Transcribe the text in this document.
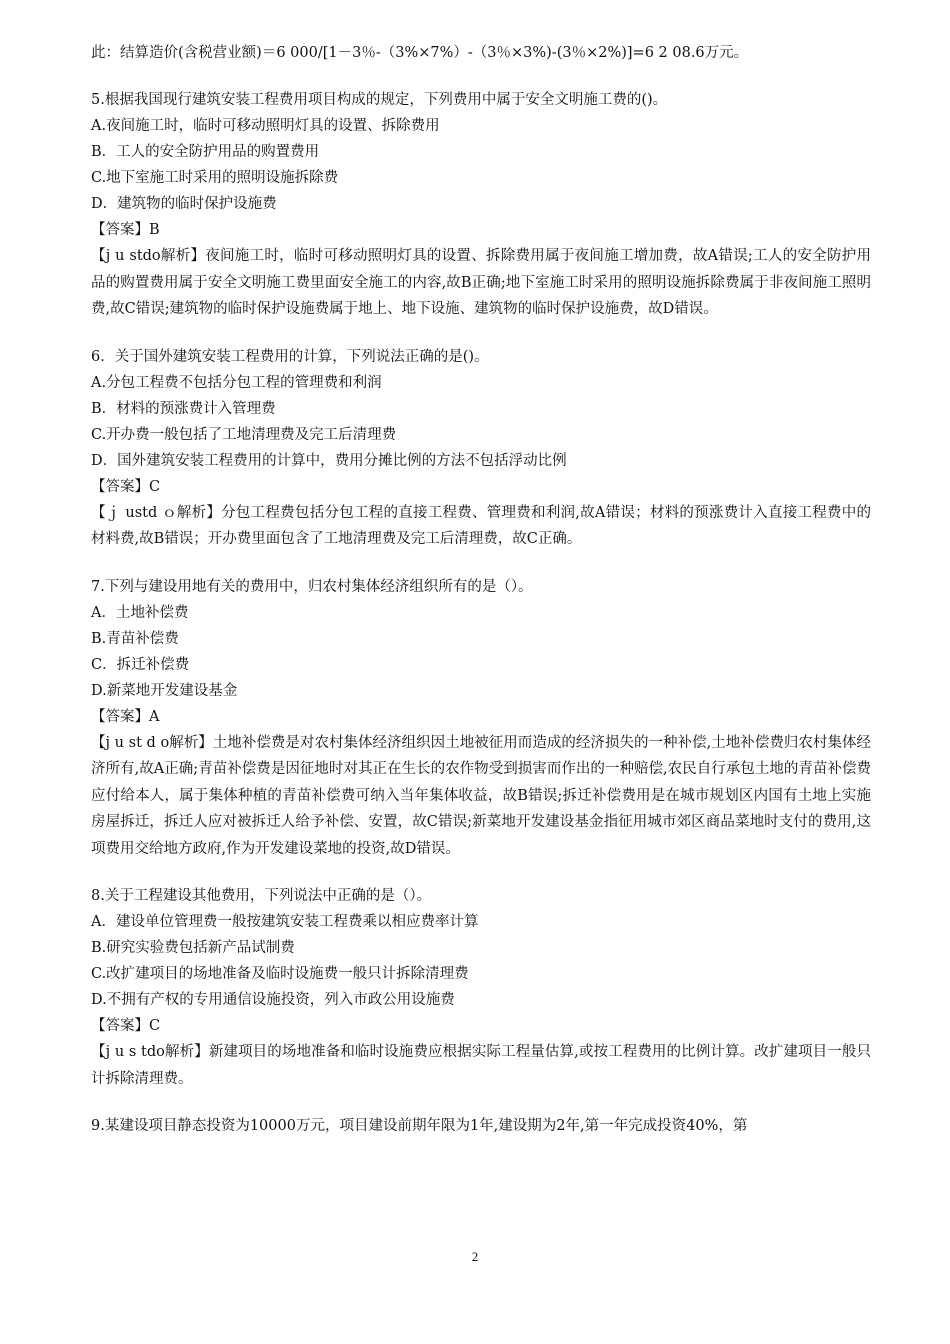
此：结算造价(含税营业额)＝6 000/[1－3％-（3%×7%）-（3％×3%)-(3％×2%)]=6 2 08.6万元。
5.根据我国现行建筑安装工程费用项目构成的规定，下列费用中属于安全文明施工费的()。
A.夜间施工时，临时可移动照明灯具的设置、拆除费用
B．工人的安全防护用品的购置费用
C.地下室施工时采用的照明设施拆除费
D．建筑物的临时保护设施费
【答案】B
【j u stdo解析】夜间施工时，临时可移动照明灯具的设置、拆除费用属于夜间施工增加费，故A错误;工人的安全防护用品的购置费用属于安全文明施工费里面安全施工的内容,故B正确;地下室施工时采用的照明设施拆除费属于非夜间施工照明费,故C错误;建筑物的临时保护设施费属于地上、地下设施、建筑物的临时保护设施费，故D错误。
6．关于国外建筑安装工程费用的计算，下列说法正确的是()。
A.分包工程费不包括分包工程的管理费和利润
B．材料的预涨费计入管理费
C.开办费一般包括了工地清理费及完工后清理费
D．国外建筑安装工程费用的计算中，费用分摊比例的方法不包括浮动比例
【答案】C
【ｊ ustd ｏ解析】分包工程费包括分包工程的直接工程费、管理费和利润,故A错误；材料的预涨费计入直接工程费中的材料费,故B错误；开办费里面包含了工地清理费及完工后清理费，故C正确。
7.下列与建设用地有关的费用中，归农村集体经济组织所有的是（）。
A．土地补偿费
B.青苗补偿费
C．拆迁补偿费
D.新菜地开发建设基金
【答案】A
【j u st d o解析】土地补偿费是对农村集体经济组织因土地被征用而造成的经济损失的一种补偿,土地补偿费归农村集体经济所有,故A正确;青苗补偿费是因征地时对其正在生长的农作物受到损害而作出的一种赔偿,农民自行承包土地的青苗补偿费应付给本人，属于集体种植的青苗补偿费可纳入当年集体收益，故B错误;拆迁补偿费用是在城市规划区内国有土地上实施房屋拆迁，拆迁人应对被拆迁人给予补偿、安置，故C错误;新菜地开发建设基金指征用城市郊区商品菜地时支付的费用,这项费用交给地方政府,作为开发建设菜地的投资,故D错误。
8.关于工程建设其他费用，下列说法中正确的是（）。
A．建设单位管理费一般按建筑安装工程费乘以相应费率计算
B.研究实验费包括新产品试制费
C.改扩建项目的场地准备及临时设施费一般只计拆除清理费
D.不拥有产权的专用通信设施投资，列入市政公用设施费
【答案】C
【j u s tdo解析】新建项目的场地准备和临时设施费应根据实际工程量估算,或按工程费用的比例计算。改扩建项目一般只计拆除清理费。
9.某建设项目静态投资为10000万元，项目建设前期年限为1年,建设期为2年,第一年完成投资40%，第
2
